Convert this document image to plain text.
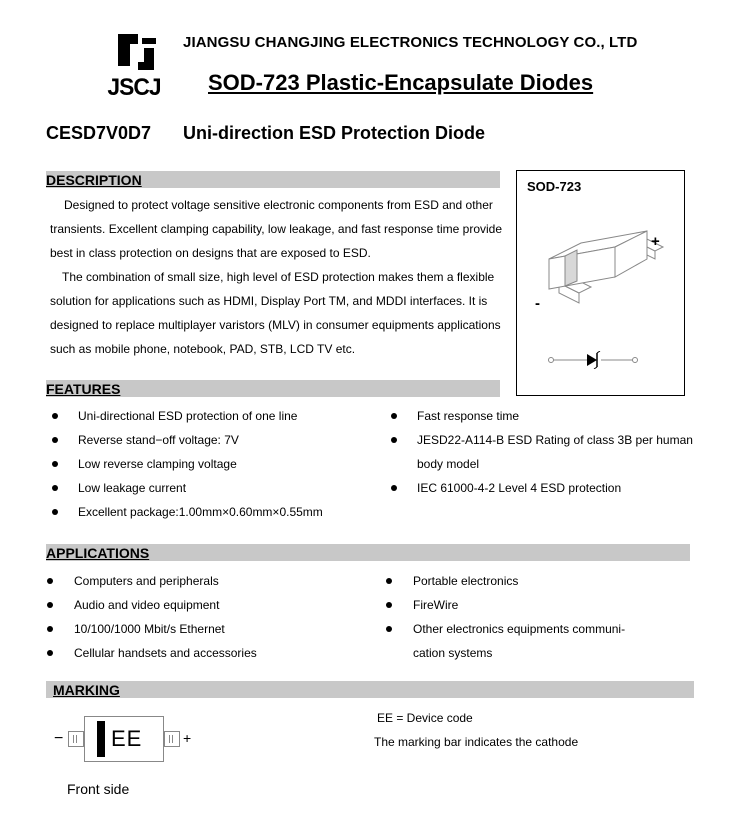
JSCJ
JIANGSU CHANGJING ELECTRONICS TECHNOLOGY CO., LTD
SOD-723 Plastic-Encapsulate Diodes
CESD7V0D7 Uni-direction ESD Protection Diode
DESCRIPTION

Designed to protect voltage sensitive electronic components from ESD and other

transients. Excellent clamping capability, low leakage, and fast response time provide

best in class protection on designs that are exposed to ESD.

The combination of small size, high level of ESD protection makes them a flexible

solution for applications such as HDMI, Display Port TM, and MDDI interfaces. It is

designed to replace multiplayer varistors (MLV) in consumer equipments applications

such as mobile phone, notebook, PAD, STB, LCD TV etc.

SOD-723
+
-
FEATURES
Uni-directional ESD protection of one line
Reverse stand−off voltage: 7V
Low reverse clamping voltage
Low leakage current
Excellent package:1.00mm×0.60mm×0.55mm
Fast response time
JESD22-A114-B ESD Rating of class 3B per human
body model
IEC 61000-4-2 Level 4 ESD protection
APPLICATIONS
Computers and peripherals
Audio and video equipment
10/100/1000 Mbit/s Ethernet
Cellular handsets and accessories
Portable electronics
FireWire
Other electronics equipments communi-
cation systems
MARKING
− EE	+
EE = Device code
The marking bar indicates the cathode
Front side
